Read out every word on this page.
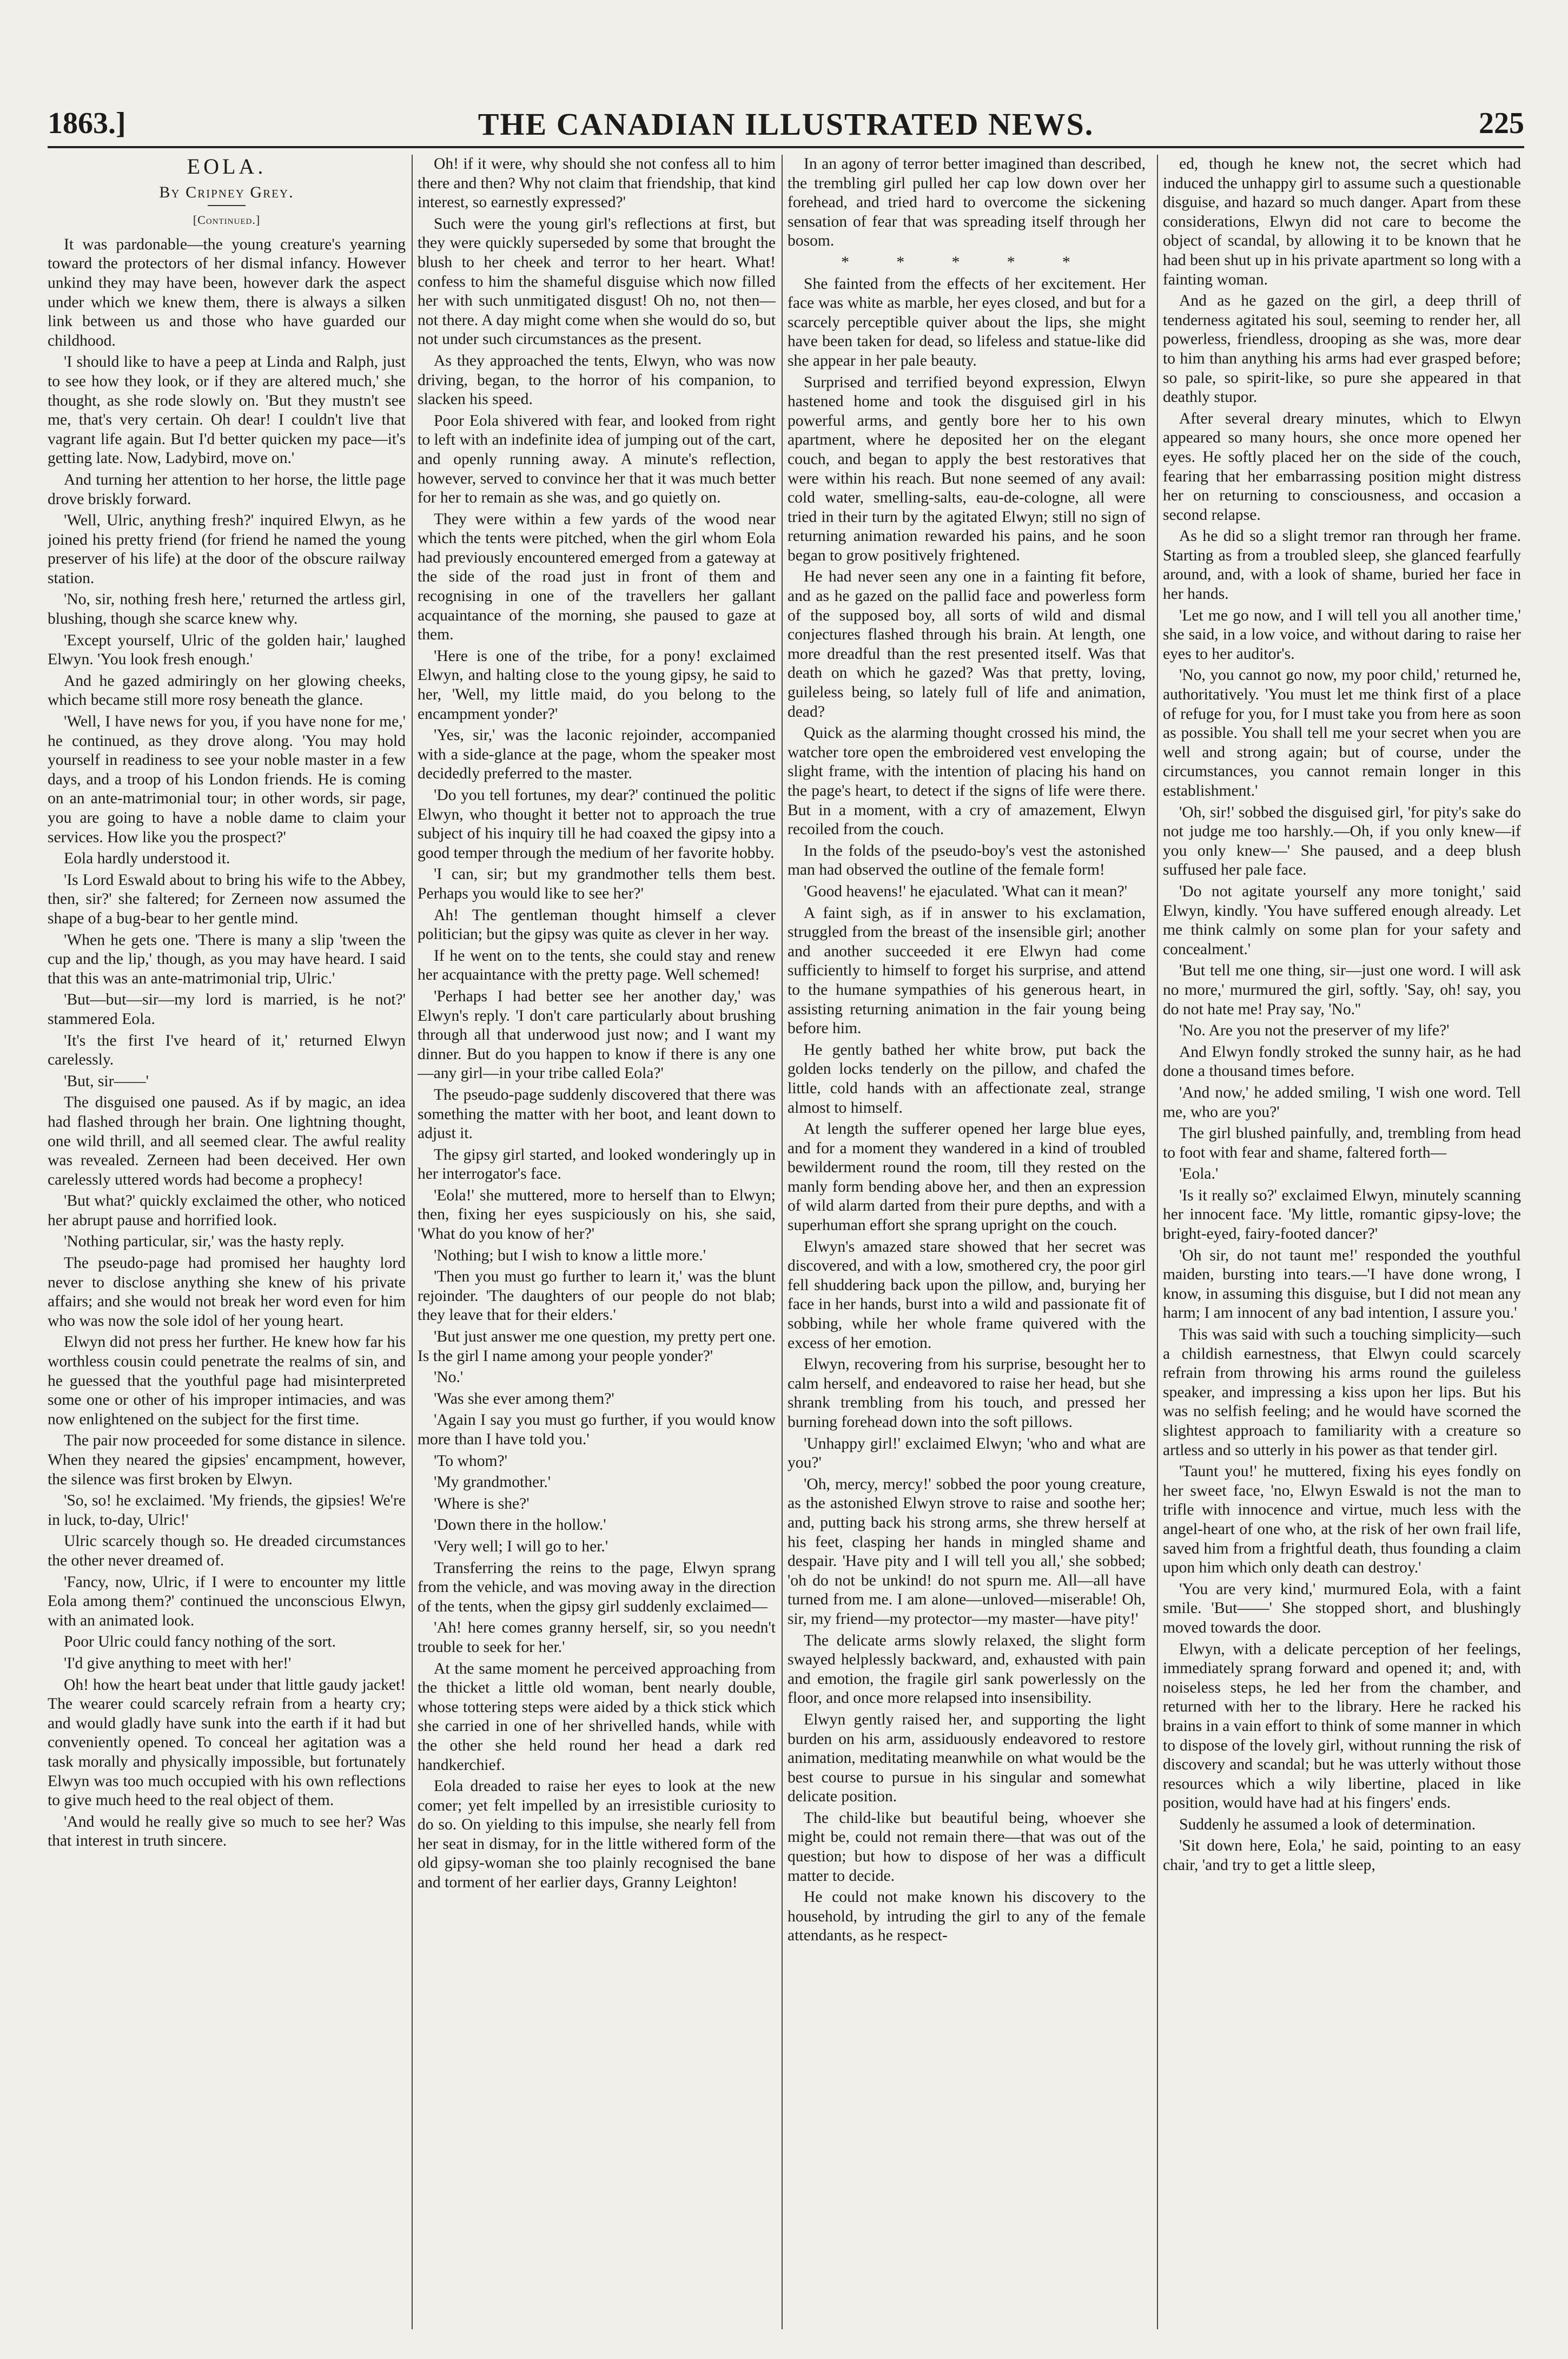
1863.]	THE CANADIAN ILLUSTRATED NEWS.	225
EOLA.
By Cripney Grey.
[Continued.]

It was pardonable—the young creature's yearning toward the protectors of her dismal infancy. However unkind they may have been, however dark the aspect under which we knew them, there is always a silken link between us and those who have guarded our childhood.

'I should like to have a peep at Linda and Ralph, just to see how they look, or if they are altered much,' she thought, as she rode slowly on. 'But they mustn't see me, that's very certain. Oh dear! I couldn't live that vagrant life again. But I'd better quicken my pace—it's getting late. Now, Ladybird, move on.'

And turning her attention to her horse, the little page drove briskly forward.

'Well, Ulric, anything fresh?' inquired Elwyn, as he joined his pretty friend (for friend he named the young preserver of his life) at the door of the obscure railway station.

'No, sir, nothing fresh here,' returned the artless girl, blushing, though she scarce knew why.

'Except yourself, Ulric of the golden hair,' laughed Elwyn. 'You look fresh enough.'

And he gazed admiringly on her glowing cheeks, which became still more rosy beneath the glance.

'Well, I have news for you, if you have none for me,' he continued, as they drove along. 'You may hold yourself in readiness to see your noble master in a few days, and a troop of his London friends. He is coming on an ante-matrimonial tour; in other words, sir page, you are going to have a noble dame to claim your services. How like you the prospect?'

Eola hardly understood it.

'Is Lord Eswald about to bring his wife to the Abbey, then, sir?' she faltered; for Zerneen now assumed the shape of a bug-bear to her gentle mind.

'When he gets one. 'There is many a slip 'tween the cup and the lip,' though, as you may have heard. I said that this was an ante-matrimonial trip, Ulric.'

'But—but—sir—my lord is married, is he not?' stammered Eola.

'It's the first I've heard of it,' returned Elwyn carelessly.

'But, sir——'

The disguised one paused. As if by magic, an idea had flashed through her brain. One lightning thought, one wild thrill, and all seemed clear. The awful reality was revealed. Zerneen had been deceived. Her own carelessly uttered words had become a prophecy!

'But what?' quickly exclaimed the other, who noticed her abrupt pause and horrified look.

'Nothing particular, sir,' was the hasty reply.

The pseudo-page had promised her haughty lord never to disclose anything she knew of his private affairs; and she would not break her word even for him who was now the sole idol of her young heart.

Elwyn did not press her further. He knew how far his worthless cousin could penetrate the realms of sin, and he guessed that the youthful page had misinterpreted some one or other of his improper intimacies, and was now enlightened on the subject for the first time.

The pair now proceeded for some distance in silence. When they neared the gipsies' encampment, however, the silence was first broken by Elwyn.

'So, so! he exclaimed. 'My friends, the gipsies! We're in luck, to-day, Ulric!'

Ulric scarcely though so. He dreaded circumstances the other never dreamed of.

'Fancy, now, Ulric, if I were to encounter my little Eola among them?' continued the unconscious Elwyn, with an animated look.

Poor Ulric could fancy nothing of the sort.

'I'd give anything to meet with her!'

Oh! how the heart beat under that little gaudy jacket! The wearer could scarcely refrain from a hearty cry; and would gladly have sunk into the earth if it had but conveniently opened. To conceal her agitation was a task morally and physically impossible, but fortunately Elwyn was too much occupied with his own reflections to give much heed to the real object of them.

'And would he really give so much to see her? Was that interest in truth sincere.

Oh! if it were, why should she not confess all to him there and then? Why not claim that friendship, that kind interest, so earnestly expressed?'

Such were the young girl's reflections at first, but they were quickly superseded by some that brought the blush to her cheek and terror to her heart. What! confess to him the shameful disguise which now filled her with such unmitigated disgust! Oh no, not then—not there. A day might come when she would do so, but not under such circumstances as the present.

As they approached the tents, Elwyn, who was now driving, began, to the horror of his companion, to slacken his speed.

Poor Eola shivered with fear, and looked from right to left with an indefinite idea of jumping out of the cart, and openly running away. A minute's reflection, however, served to convince her that it was much better for her to remain as she was, and go quietly on.

They were within a few yards of the wood near which the tents were pitched, when the girl whom Eola had previously encountered emerged from a gateway at the side of the road just in front of them and recognising in one of the travellers her gallant acquaintance of the morning, she paused to gaze at them.

'Here is one of the tribe, for a pony! exclaimed Elwyn, and halting close to the young gipsy, he said to her, 'Well, my little maid, do you belong to the encampment yonder?'

'Yes, sir,' was the laconic rejoinder, accompanied with a side-glance at the page, whom the speaker most decidedly preferred to the master.

'Do you tell fortunes, my dear?' continued the politic Elwyn, who thought it better not to approach the true subject of his inquiry till he had coaxed the gipsy into a good temper through the medium of her favorite hobby.

'I can, sir; but my grandmother tells them best. Perhaps you would like to see her?'

Ah! The gentleman thought himself a clever politician; but the gipsy was quite as clever in her way.

If he went on to the tents, she could stay and renew her acquaintance with the pretty page. Well schemed!

'Perhaps I had better see her another day,' was Elwyn's reply. 'I don't care particularly about brushing through all that underwood just now; and I want my dinner. But do you happen to know if there is any one—any girl—in your tribe called Eola?'

The pseudo-page suddenly discovered that there was something the matter with her boot, and leant down to adjust it.

The gipsy girl started, and looked wonderingly up in her interrogator's face.

'Eola!' she muttered, more to herself than to Elwyn; then, fixing her eyes suspiciously on his, she said, 'What do you know of her?'

'Nothing; but I wish to know a little more.'

'Then you must go further to learn it,' was the blunt rejoinder. 'The daughters of our people do not blab; they leave that for their elders.'

'But just answer me one question, my pretty pert one. Is the girl I name among your people yonder?'

'No.'

'Was she ever among them?'

'Again I say you must go further, if you would know more than I have told you.'

'To whom?'

'My grandmother.'

'Where is she?'

'Down there in the hollow.'

'Very well; I will go to her.'

Transferring the reins to the page, Elwyn sprang from the vehicle, and was moving away in the direction of the tents, when the gipsy girl suddenly exclaimed—

'Ah! here comes granny herself, sir, so you needn't trouble to seek for her.'

At the same moment he perceived approaching from the thicket a little old woman, bent nearly double, whose tottering steps were aided by a thick stick which she carried in one of her shrivelled hands, while with the other she held round her head a dark red handkerchief.

Eola dreaded to raise her eyes to look at the new comer; yet felt impelled by an irresistible curiosity to do so. On yielding to this impulse, she nearly fell from her seat in dismay, for in the little withered form of the old gipsy-woman she too plainly recognised the bane and torment of her earlier days, Granny Leighton!

In an agony of terror better imagined than described, the trembling girl pulled her cap low down over her forehead, and tried hard to overcome the sickening sensation of fear that was spreading itself through her bosom.

* * * * *

She fainted from the effects of her excitement. Her face was white as marble, her eyes closed, and but for a scarcely perceptible quiver about the lips, she might have been taken for dead, so lifeless and statue-like did she appear in her pale beauty.

Surprised and terrified beyond expression, Elwyn hastened home and took the disguised girl in his powerful arms, and gently bore her to his own apartment, where he deposited her on the elegant couch, and began to apply the best restoratives that were within his reach. But none seemed of any avail: cold water, smelling-salts, eau-de-cologne, all were tried in their turn by the agitated Elwyn; still no sign of returning animation rewarded his pains, and he soon began to grow positively frightened.

He had never seen any one in a fainting fit before, and as he gazed on the pallid face and powerless form of the supposed boy, all sorts of wild and dismal conjectures flashed through his brain. At length, one more dreadful than the rest presented itself. Was that death on which he gazed? Was that pretty, loving, guileless being, so lately full of life and animation, dead?

Quick as the alarming thought crossed his mind, the watcher tore open the embroidered vest enveloping the slight frame, with the intention of placing his hand on the page's heart, to detect if the signs of life were there. But in a moment, with a cry of amazement, Elwyn recoiled from the couch.

In the folds of the pseudo-boy's vest the astonished man had observed the outline of the female form!

'Good heavens!' he ejaculated. 'What can it mean?'

A faint sigh, as if in answer to his exclamation, struggled from the breast of the insensible girl; another and another succeeded it ere Elwyn had come sufficiently to himself to forget his surprise, and attend to the humane sympathies of his generous heart, in assisting returning animation in the fair young being before him.

He gently bathed her white brow, put back the golden locks tenderly on the pillow, and chafed the little, cold hands with an affectionate zeal, strange almost to himself.

At length the sufferer opened her large blue eyes, and for a moment they wandered in a kind of troubled bewilderment round the room, till they rested on the manly form bending above her, and then an expression of wild alarm darted from their pure depths, and with a superhuman effort she sprang upright on the couch.

Elwyn's amazed stare showed that her secret was discovered, and with a low, smothered cry, the poor girl fell shuddering back upon the pillow, and, burying her face in her hands, burst into a wild and passionate fit of sobbing, while her whole frame quivered with the excess of her emotion.

Elwyn, recovering from his surprise, besought her to calm herself, and endeavored to raise her head, but she shrank trembling from his touch, and pressed her burning forehead down into the soft pillows.

'Unhappy girl!' exclaimed Elwyn; 'who and what are you?'

'Oh, mercy, mercy!' sobbed the poor young creature, as the astonished Elwyn strove to raise and soothe her; and, putting back his strong arms, she threw herself at his feet, clasping her hands in mingled shame and despair. 'Have pity and I will tell you all,' she sobbed; 'oh do not be unkind! do not spurn me. All—all have turned from me. I am alone—unloved—miserable! Oh, sir, my friend—my protector—my master—have pity!'

The delicate arms slowly relaxed, the slight form swayed helplessly backward, and, exhausted with pain and emotion, the fragile girl sank powerlessly on the floor, and once more relapsed into insensibility.

Elwyn gently raised her, and supporting the light burden on his arm, assiduously endeavored to restore animation, meditating meanwhile on what would be the best course to pursue in his singular and somewhat delicate position.

The child-like but beautiful being, whoever she might be, could not remain there—that was out of the question; but how to dispose of her was a difficult matter to decide.

He could not make known his discovery to the household, by intruding the girl to any of the female attendants, as he respect-

ed, though he knew not, the secret which had induced the unhappy girl to assume such a questionable disguise, and hazard so much danger. Apart from these considerations, Elwyn did not care to become the object of scandal, by allowing it to be known that he had been shut up in his private apartment so long with a fainting woman.

And as he gazed on the girl, a deep thrill of tenderness agitated his soul, seeming to render her, all powerless, friendless, drooping as she was, more dear to him than anything his arms had ever grasped before; so pale, so spirit-like, so pure she appeared in that deathly stupor.

After several dreary minutes, which to Elwyn appeared so many hours, she once more opened her eyes. He softly placed her on the side of the couch, fearing that her embarrassing position might distress her on returning to consciousness, and occasion a second relapse.

As he did so a slight tremor ran through her frame. Starting as from a troubled sleep, she glanced fearfully around, and, with a look of shame, buried her face in her hands.

'Let me go now, and I will tell you all another time,' she said, in a low voice, and without daring to raise her eyes to her auditor's.

'No, you cannot go now, my poor child,' returned he, authoritatively. 'You must let me think first of a place of refuge for you, for I must take you from here as soon as possible. You shall tell me your secret when you are well and strong again; but of course, under the circumstances, you cannot remain longer in this establishment.'

'Oh, sir!' sobbed the disguised girl, 'for pity's sake do not judge me too harshly.—Oh, if you only knew—if you only knew—' She paused, and a deep blush suffused her pale face.

'Do not agitate yourself any more tonight,' said Elwyn, kindly. 'You have suffered enough already. Let me think calmly on some plan for your safety and concealment.'

'But tell me one thing, sir—just one word. I will ask no more,' murmured the girl, softly. 'Say, oh! say, you do not hate me! Pray say, 'No.''

'No. Are you not the preserver of my life?'

And Elwyn fondly stroked the sunny hair, as he had done a thousand times before.

'And now,' he added smiling, 'I wish one word. Tell me, who are you?'

The girl blushed painfully, and, trembling from head to foot with fear and shame, faltered forth—

'Eola.'

'Is it really so?' exclaimed Elwyn, minutely scanning her innocent face. 'My little, romantic gipsy-love; the bright-eyed, fairy-footed dancer?'

'Oh sir, do not taunt me!' responded the youthful maiden, bursting into tears.—'I have done wrong, I know, in assuming this disguise, but I did not mean any harm; I am innocent of any bad intention, I assure you.'

This was said with such a touching simplicity—such a childish earnestness, that Elwyn could scarcely refrain from throwing his arms round the guileless speaker, and impressing a kiss upon her lips. But his was no selfish feeling; and he would have scorned the slightest approach to familiarity with a creature so artless and so utterly in his power as that tender girl.

'Taunt you!' he muttered, fixing his eyes fondly on her sweet face, 'no, Elwyn Eswald is not the man to trifle with innocence and virtue, much less with the angel-heart of one who, at the risk of her own frail life, saved him from a frightful death, thus founding a claim upon him which only death can destroy.'

'You are very kind,' murmured Eola, with a faint smile. 'But——' She stopped short, and blushingly moved towards the door.

Elwyn, with a delicate perception of her feelings, immediately sprang forward and opened it; and, with noiseless steps, he led her from the chamber, and returned with her to the library. Here he racked his brains in a vain effort to think of some manner in which to dispose of the lovely girl, without running the risk of discovery and scandal; but he was utterly without those resources which a wily libertine, placed in like position, would have had at his fingers' ends.

Suddenly he assumed a look of determination.

'Sit down here, Eola,' he said, pointing to an easy chair, 'and try to get a little sleep,
